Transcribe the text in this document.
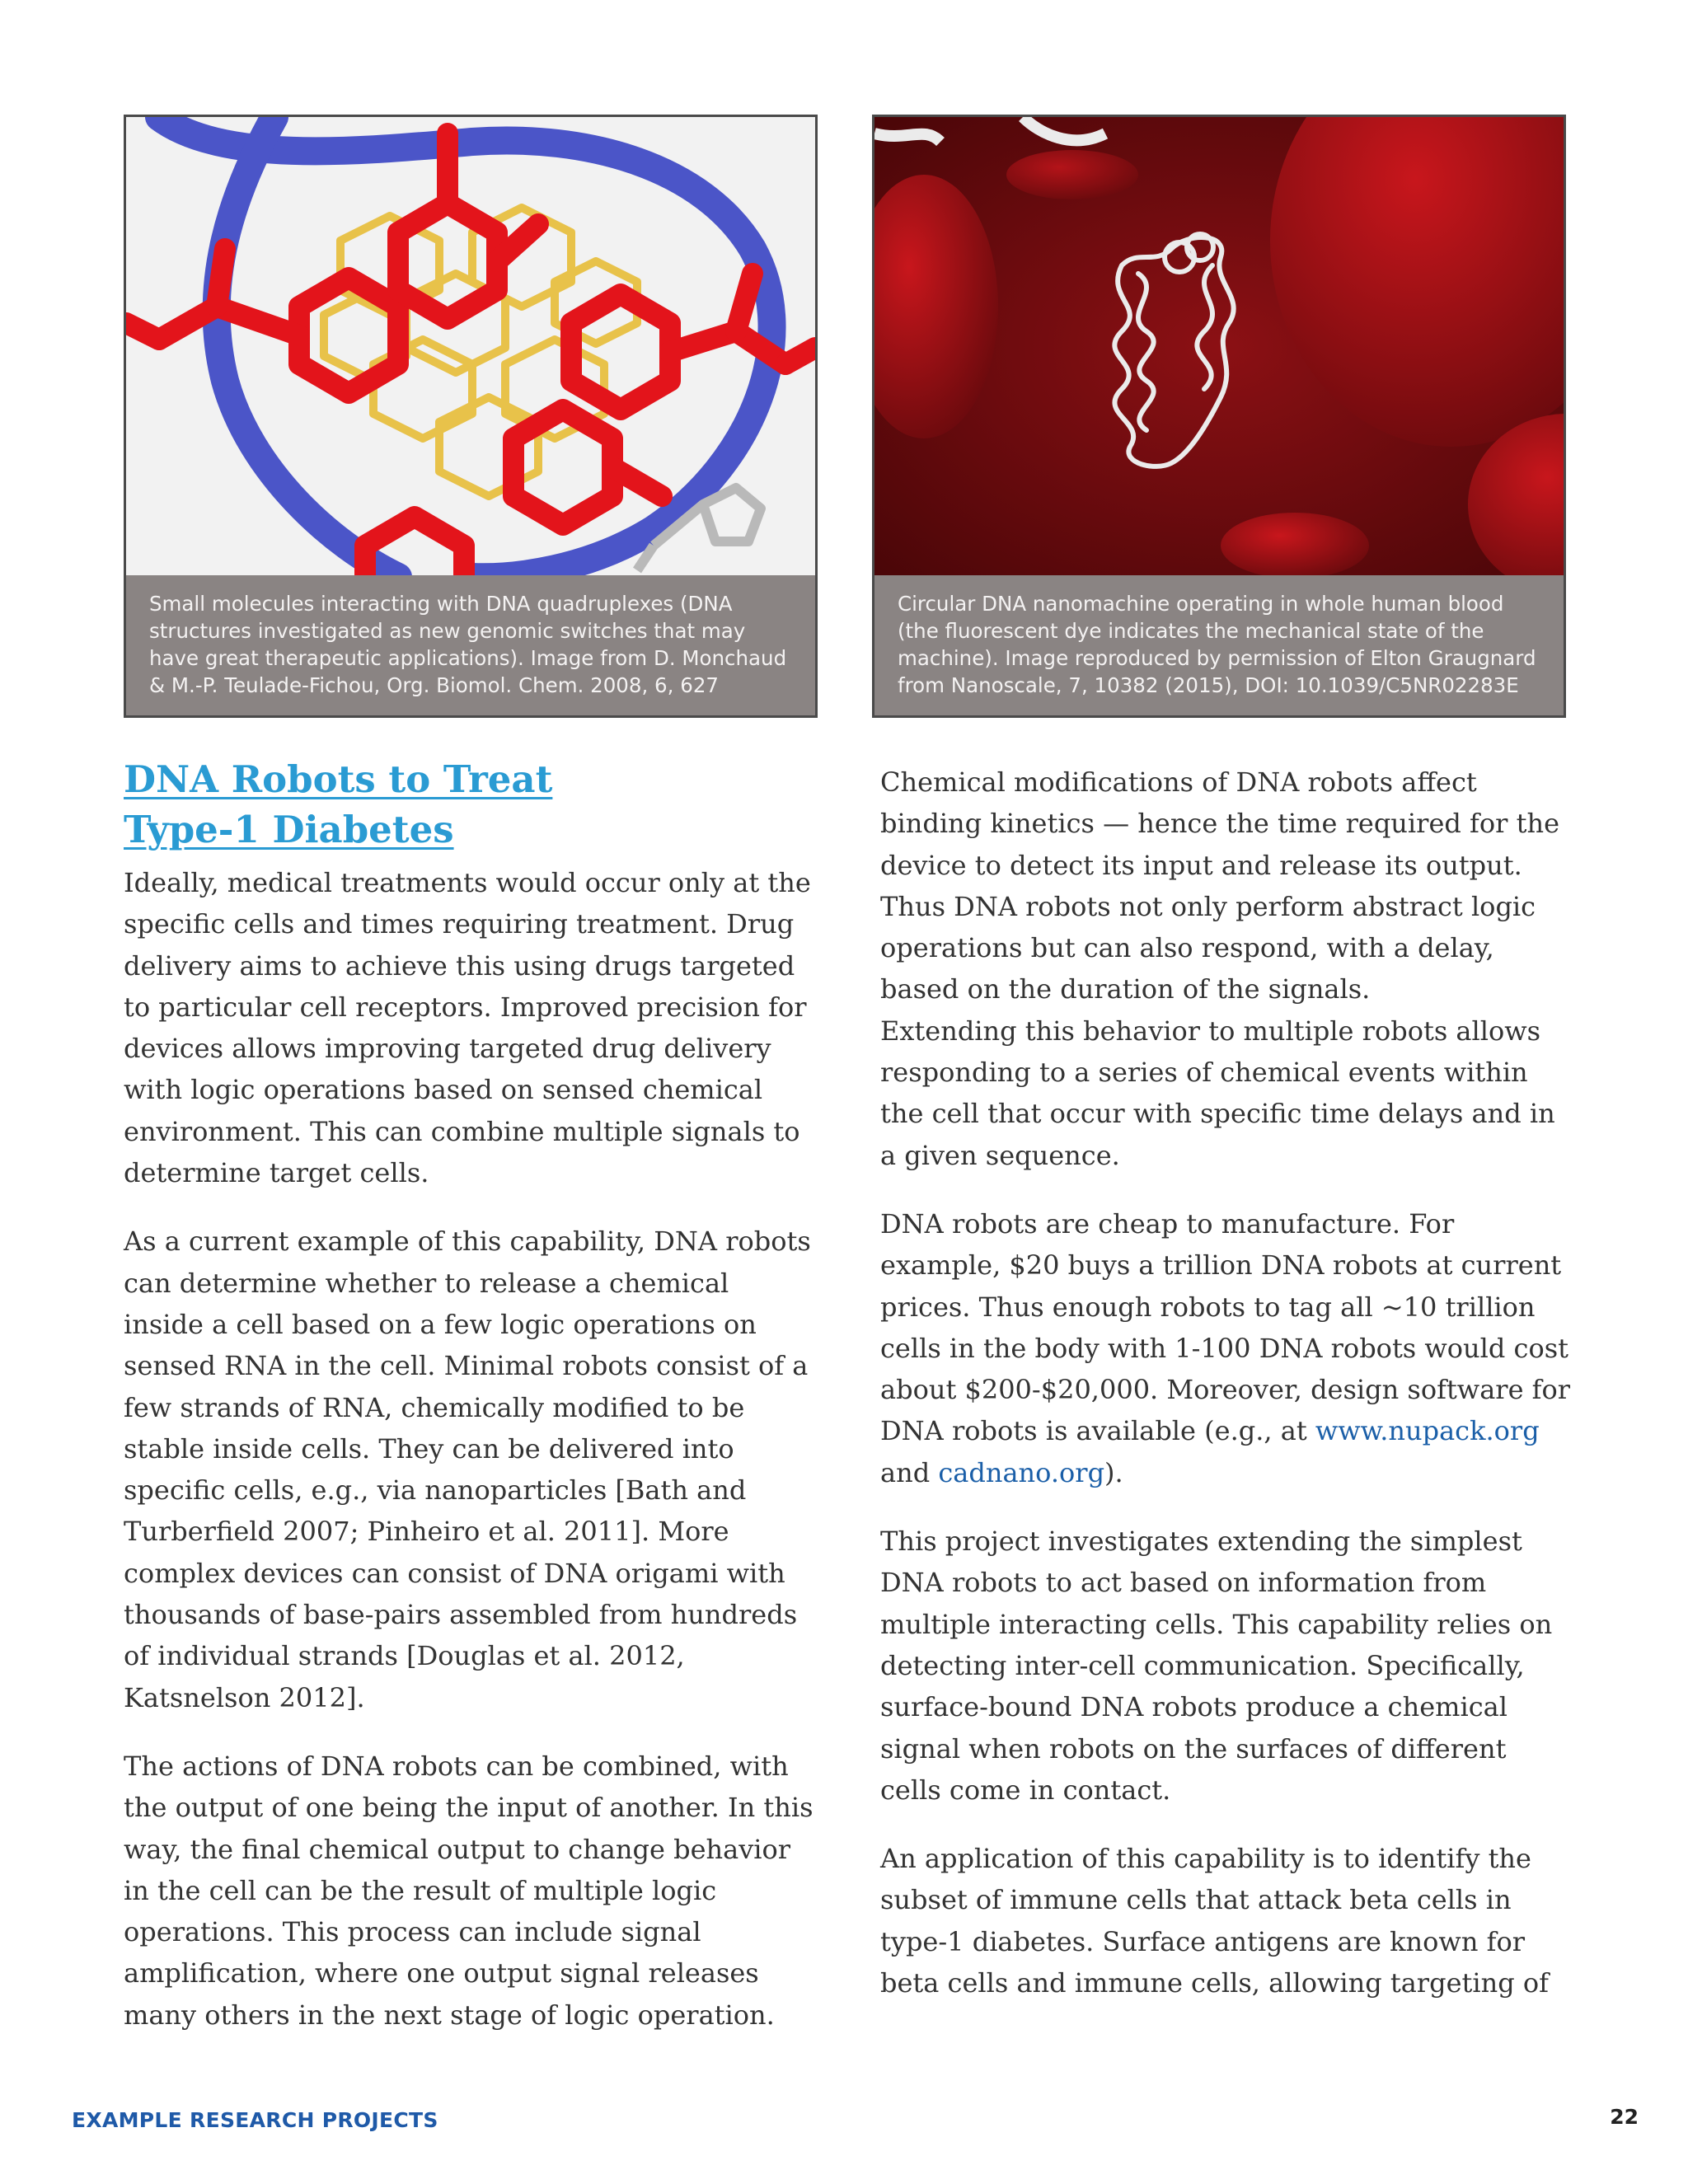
Small molecules interacting with DNA quadruplexes (DNA structures investigated as new genomic switches that may have great therapeutic applications). Image from D. Monchaud & M.-P. Teulade-Fichou, Org. Biomol. Chem. 2008, 6, 627
Circular DNA nanomachine operating in whole human blood (the fluorescent dye indicates the mechanical state of the machine). Image reproduced by permission of Elton Graugnard from Nanoscale, 7, 10382 (2015), DOI: 10.1039/C5NR02283E
DNA Robots to Treat
Type-1 Diabetes

Ideally, medical treatments would occur only at the specific cells and times requiring treatment. Drug delivery aims to achieve this using drugs targeted to particular cell receptors. Improved precision for devices allows improving targeted drug delivery with logic operations based on sensed chemical environment. This can combine multiple signals to determine target cells.

As a current example of this capability, DNA robots can determine whether to release a chemical inside a cell based on a few logic operations on sensed RNA in the cell. Minimal robots consist of a few strands of RNA, chemically modified to be stable inside cells. They can be delivered into specific cells, e.g., via nanoparticles [Bath and Turberfield 2007; Pinheiro et al. 2011]. More complex devices can consist of DNA origami with thousands of base-pairs assembled from hundreds of individual strands [Douglas et al. 2012, Katsnelson 2012].

The actions of DNA robots can be combined, with the output of one being the input of another. In this way, the final chemical output to change behavior in the cell can be the result of multiple logic operations. This process can include signal amplification, where one output signal releases many others in the next stage of logic operation.

Chemical modifications of DNA robots affect binding kinetics — hence the time required for the device to detect its input and release its output. Thus DNA robots not only perform abstract logic operations but can also respond, with a delay, based on the duration of the signals.

Extending this behavior to multiple robots allows responding to a series of chemical events within the cell that occur with specific time delays and in a given sequence.

DNA robots are cheap to manufacture. For example, $20 buys a trillion DNA robots at current prices. Thus enough robots to tag all ~10 trillion cells in the body with 1-100 DNA robots would cost about $200-$20,000. Moreover, design software for DNA robots is available (e.g., at www.nupack.org and cadnano.org).

This project investigates extending the simplest DNA robots to act based on information from multiple interacting cells. This capability relies on detecting inter-cell communication. Specifically, surface-bound DNA robots produce a chemical signal when robots on the surfaces of different cells come in contact.

An application of this capability is to identify the subset of immune cells that attack beta cells in type-1 diabetes. Surface antigens are known for beta cells and immune cells, allowing targeting of

EXAMPLE RESEARCH PROJECTS	22
